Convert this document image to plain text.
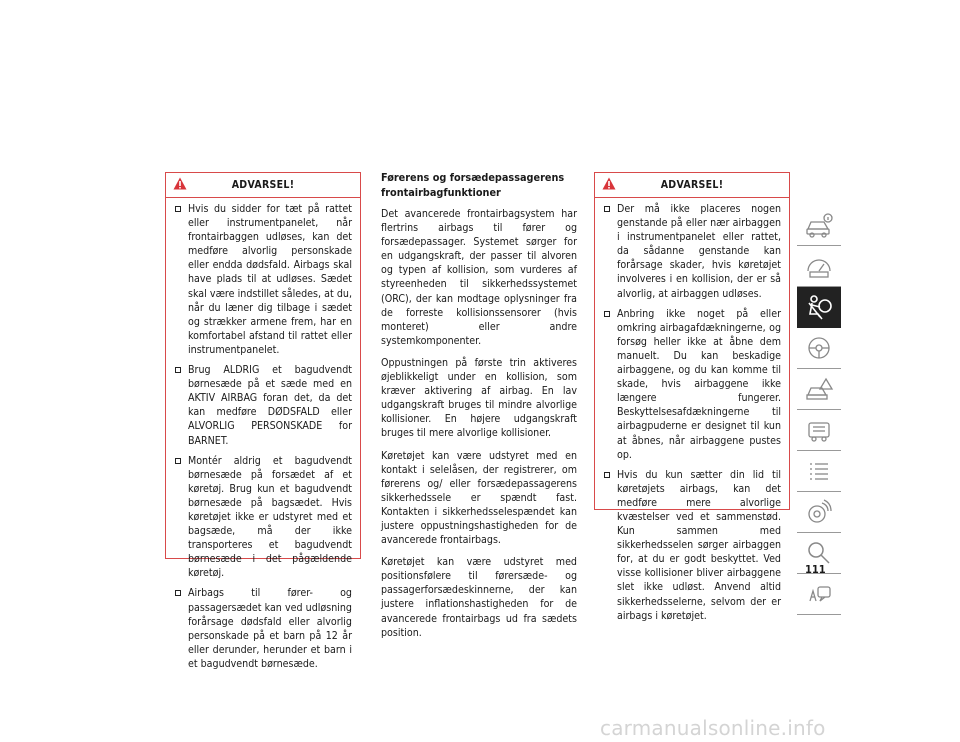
ADVARSEL!
Hvis du sidder for tæt på rattet eller instrumentpanelet, når frontairbaggen udløses, kan det medføre alvorlig personskade eller endda dødsfald. Airbags skal have plads til at udløses. Sædet skal være indstillet således, at du, når du læner dig tilbage i sædet og strækker armene frem, har en komfortabel afstand til rattet eller instrumentpanelet.
Brug ALDRIG et bagudvendt børnesæde på et sæde med en AKTIV AIRBAG foran det, da det kan medføre DØDSFALD eller ALVORLIG PERSONSKADE for BARNET.
Montér aldrig et bagudvendt børnesæde på forsædet af et køretøj. Brug kun et bagudvendt børnesæde på bagsædet. Hvis køretøjet ikke er udstyret med et bagsæde, må der ikke transporteres et bagudvendt børnesæde i det pågældende køretøj.
Airbags til fører- og passagersædet kan ved udløsning forårsage dødsfald eller alvorlig personskade på et barn på 12 år eller derunder, herunder et barn i et bagudvendt børnesæde.
Førerens og forsædepassagerens frontairbagfunktioner

Det avancerede frontairbagsystem har flertrins airbags til fører og forsædepassager. Systemet sørger for en udgangskraft, der passer til alvoren og typen af kollision, som vurderes af styreenheden til sikkerhedssystemet (ORC), der kan modtage oplysninger fra de forreste kollisionssensorer (hvis monteret) eller andre systemkomponenter.

Oppustningen på første trin aktiveres øjeblikkeligt under en kollision, som kræver aktivering af airbag. En lav udgangskraft bruges til mindre alvorlige kollisioner. En højere udgangskraft bruges til mere alvorlige kollisioner.

Køretøjet kan være udstyret med en kontakt i selelåsen, der registrerer, om førerens og/ eller forsædepassagerens sikkerhedssele er spændt fast. Kontakten i sikkerhedsselespændet kan justere oppustningshastigheden for de avancerede frontairbags.

Køretøjet kan være udstyret med positionsfølere til førersæde- og passagerforsædeskinnerne, der kan justere inflationshastigheden for de avancerede frontairbags ud fra sædets position.

ADVARSEL!
Der må ikke placeres nogen genstande på eller nær airbaggen i instrumentpanelet eller rattet, da sådanne genstande kan forårsage skader, hvis køretøjet involveres i en kollision, der er så alvorlig, at airbaggen udløses.
Anbring ikke noget på eller omkring airbagafdækningerne, og forsøg heller ikke at åbne dem manuelt. Du kan beskadige airbaggene, og du kan komme til skade, hvis airbaggene ikke længere fungerer. Beskyttelsesafdækningerne til airbagpuderne er designet til kun at åbnes, når airbaggene pustes op.
Hvis du kun sætter din lid til køretøjets airbags, kan det medføre mere alvorlige kvæstelser ved et sammenstød. Kun sammen med sikkerhedsselen sørger airbaggen for, at du er godt beskyttet. Ved visse kollisioner bliver airbaggene slet ikke udløst. Anvend altid sikkerhedsselerne, selvom der er airbags i køretøjet.
111
carmanualsonline.info
